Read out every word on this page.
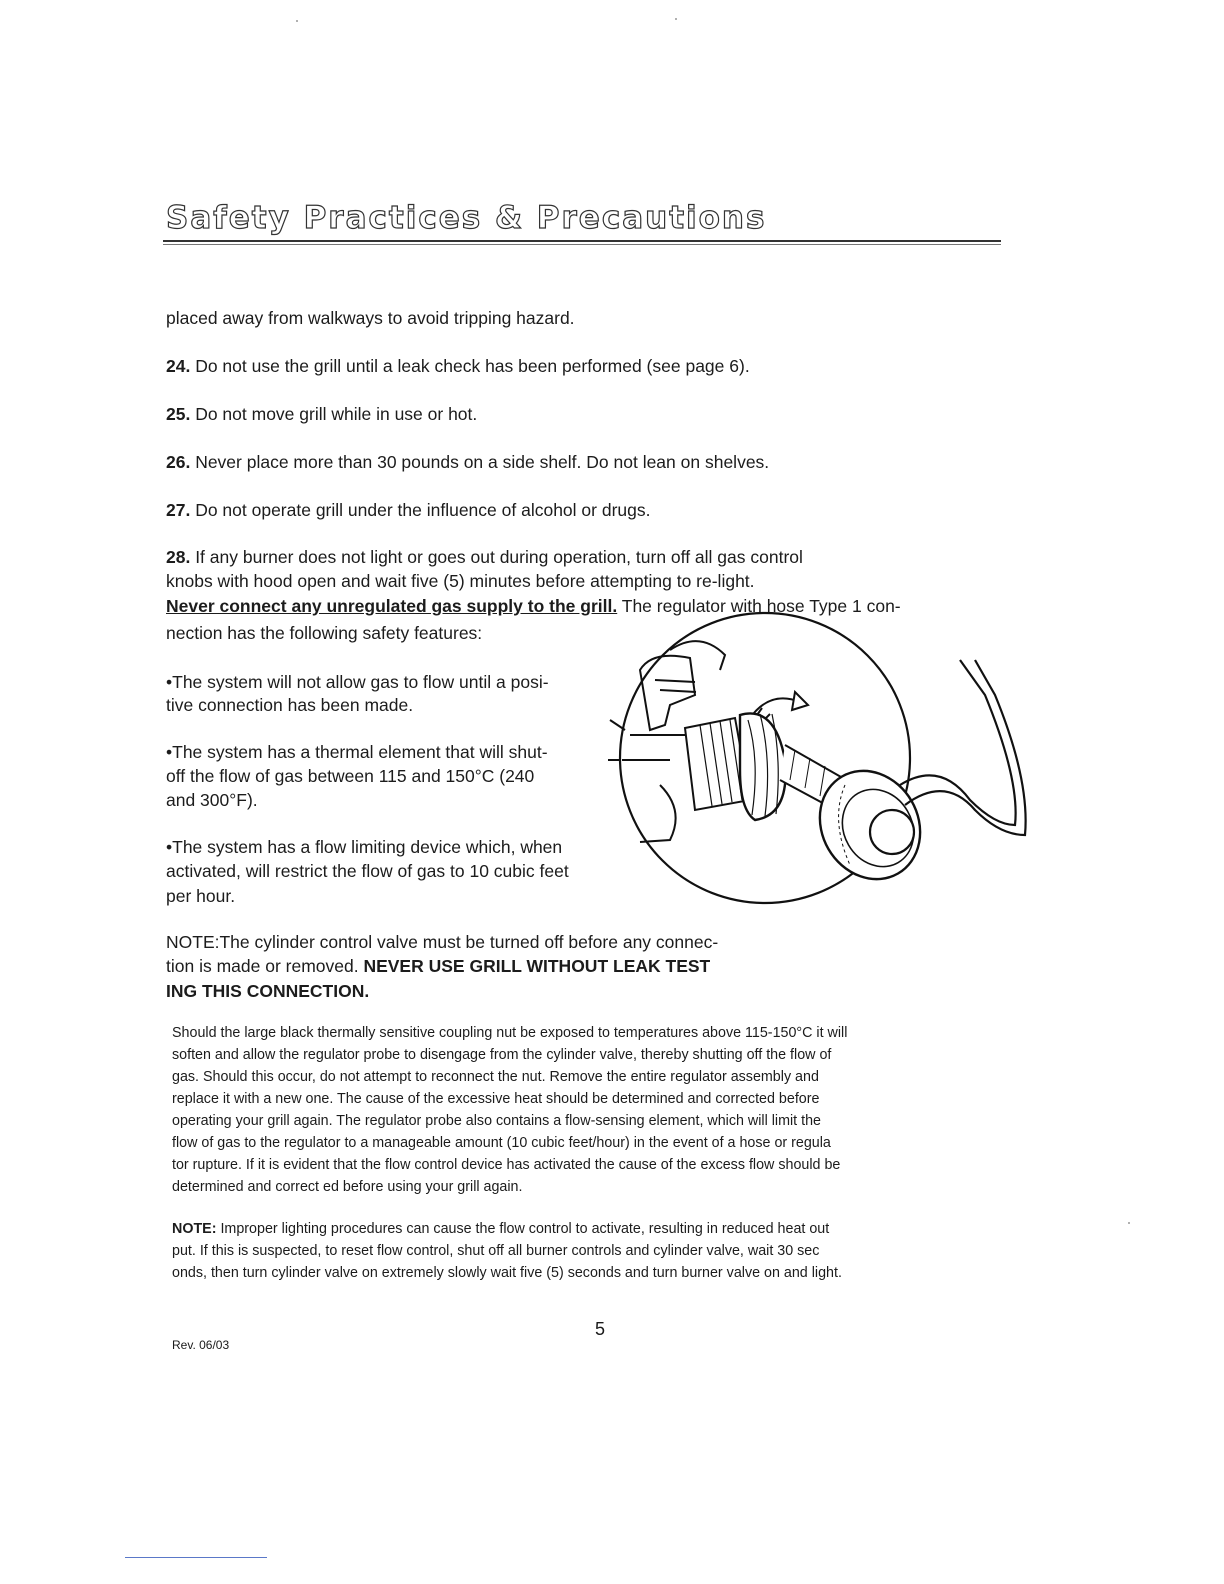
Safety Practices & Precautions
placed away from walkways to avoid tripping hazard.
24. Do not use the grill until a leak check has been performed (see page 6).
25. Do not move grill while in use or hot.
26. Never place more than 30 pounds on a side shelf. Do not lean on shelves.
27. Do not operate grill under the influence of alcohol or drugs.
28. If any burner does not light or goes out during operation, turn off all gas control
knobs with hood open and wait five (5) minutes before attempting to re-light.
Never connect any unregulated gas supply to the grill. The regulator with hose Type 1 con-
nection has the following safety features:
•The system will not allow gas to flow until a posi-
tive connection has been made.
•The system has a thermal element that will shut-
off the flow of gas between 115 and 150°C (240
and 300°F).
•The system has a flow limiting device which, when
activated, will restrict the flow of gas to 10 cubic feet
per hour.
NOTE:The cylinder control valve must be turned off before any connec-
tion is made or removed. NEVER USE GRILL WITHOUT LEAK TEST
ING THIS CONNECTION.
Should the large black thermally sensitive coupling nut be exposed to temperatures above 115-150°C it will
soften and allow the regulator probe to disengage from the cylinder valve, thereby shutting off the flow of
gas. Should this occur, do not attempt to reconnect the nut. Remove the entire regulator assembly and
replace it with a new one. The cause of the excessive heat should be determined and corrected before
operating your grill again. The regulator probe also contains a flow-sensing element, which will limit the
flow of gas to the regulator to a manageable amount (10 cubic feet/hour) in the event of a hose or regula
tor rupture. If it is evident that the flow control device has activated the cause of the excess flow should be
determined and correct ed before using your grill again.
NOTE: Improper lighting procedures can cause the flow control to activate, resulting in reduced heat out
put. If this is suspected, to reset flow control, shut off all burner controls and cylinder valve, wait 30 sec
onds, then turn cylinder valve on extremely slowly wait five (5) seconds and turn burner valve on and light.
5
Rev. 06/03
